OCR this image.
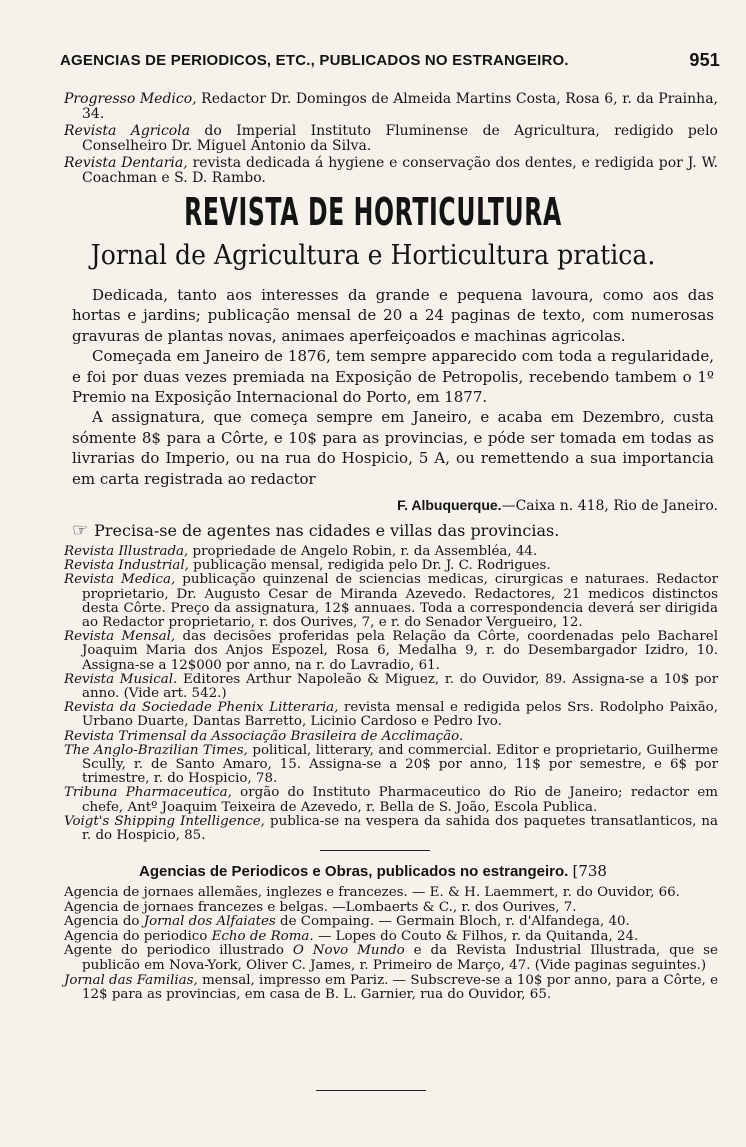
AGENCIAS DE PERIODICOS, ETC., PUBLICADOS NO ESTRANGEIRO.	951
Progresso Medico, Redactor Dr. Domingos de Almeida Martins Costa, Rosa 6, r. da Prainha, 34.
Revista Agricola do Imperial Instituto Fluminense de Agricultura, redigido pelo Conselheiro Dr. Miguel Antonio da Silva.
Revista Dentaria, revista dedicada á hygiene e conservação dos dentes, e redigida por J. W. Coachman e S. D. Rambo.
REVISTA DE HORTICULTURA
Jornal de Agricultura e Horticultura pratica.

Dedicada, tanto aos interesses da grande e pequena lavoura, como aos das hortas e jardins; publicação mensal de 20 a 24 paginas de texto, com numerosas gravuras de plantas novas, animaes aperfeiçoados e machinas agricolas.

Começada em Janeiro de 1876, tem sempre apparecido com toda a regularidade, e foi por duas vezes premiada na Exposição de Petropolis, recebendo tambem o 1º Premio na Exposição Internacional do Porto, em 1877.

A assignatura, que começa sempre em Janeiro, e acaba em Dezembro, custa sómente 8$ para a Côrte, e 10$ para as provincias, e póde ser tomada em todas as livrarias do Imperio, ou na rua do Hospicio, 5 A, ou remettendo a sua importancia em carta registrada ao redactor

F. Albuquerque.—Caixa n. 418, Rio de Janeiro.
☞ Precisa-se de agentes nas cidades e villas das provincias.
Revista Illustrada, propriedade de Angelo Robin, r. da Assembléa, 44.
Revista Industrial, publicação mensal, redigida pelo Dr. J. C. Rodrigues.
Revista Medica, publicação quinzenal de sciencias medicas, cirurgicas e naturaes. Redactor proprietario, Dr. Augusto Cesar de Miranda Azevedo. Redactores, 21 medicos distinctos desta Côrte. Preço da assignatura, 12$ annuaes. Toda a correspondencia deverá ser dirigida ao Redactor proprietario, r. dos Ourives, 7, e r. do Senador Vergueiro, 12.
Revista Mensal, das decisões proferidas pela Relação da Côrte, coordenadas pelo Bacharel Joaquim Maria dos Anjos Espozel, Rosa 6, Medalha 9, r. do Desembargador Izidro, 10. Assigna-se a 12$000 por anno, na r. do Lavradio, 61.
Revista Musical. Editores Arthur Napoleão & Miguez, r. do Ouvidor, 89. Assigna-se a 10$ por anno. (Vide art. 542.)
Revista da Sociedade Phenix Litteraria, revista mensal e redigida pelos Srs. Rodolpho Paixão, Urbano Duarte, Dantas Barretto, Licinio Cardoso e Pedro Ivo.
Revista Trimensal da Associação Brasileira de Acclimação.
The Anglo-Brazilian Times, political, litterary, and commercial. Editor e proprietario, Guilherme Scully, r. de Santo Amaro, 15. Assigna-se a 20$ por anno, 11$ por semestre, e 6$ por trimestre, r. do Hospicio, 78.
Tribuna Pharmaceutica, orgão do Instituto Pharmaceutico do Rio de Janeiro; redactor em chefe, Antº Joaquim Teixeira de Azevedo, r. Bella de S. João, Escola Publica.
Voigt's Shipping Intelligence, publica-se na vespera da sahida dos paquetes transatlanticos, na r. do Hospicio, 85.
Agencias de Periodicos e Obras, publicados no estrangeiro. [738
Agencia de jornaes allemães, inglezes e francezes. — E. & H. Laemmert, r. do Ouvidor, 66.
Agencia de jornaes francezes e belgas. —Lombaerts & C., r. dos Ourives, 7.
Agencia do Jornal dos Alfaiates de Compaing. — Germain Bloch, r. d'Alfandega, 40.
Agencia do periodico Echo de Roma. — Lopes do Couto & Filhos, r. da Quitanda, 24.
Agente do periodico illustrado O Novo Mundo e da Revista Industrial Illustrada, que se publicão em Nova-York, Oliver C. James, r. Primeiro de Março, 47. (Vide paginas seguintes.)
Jornal das Familias, mensal, impresso em Pariz. — Subscreve-se a 10$ por anno, para a Côrte, e 12$ para as provincias, em casa de B. L. Garnier, rua do Ouvidor, 65.
